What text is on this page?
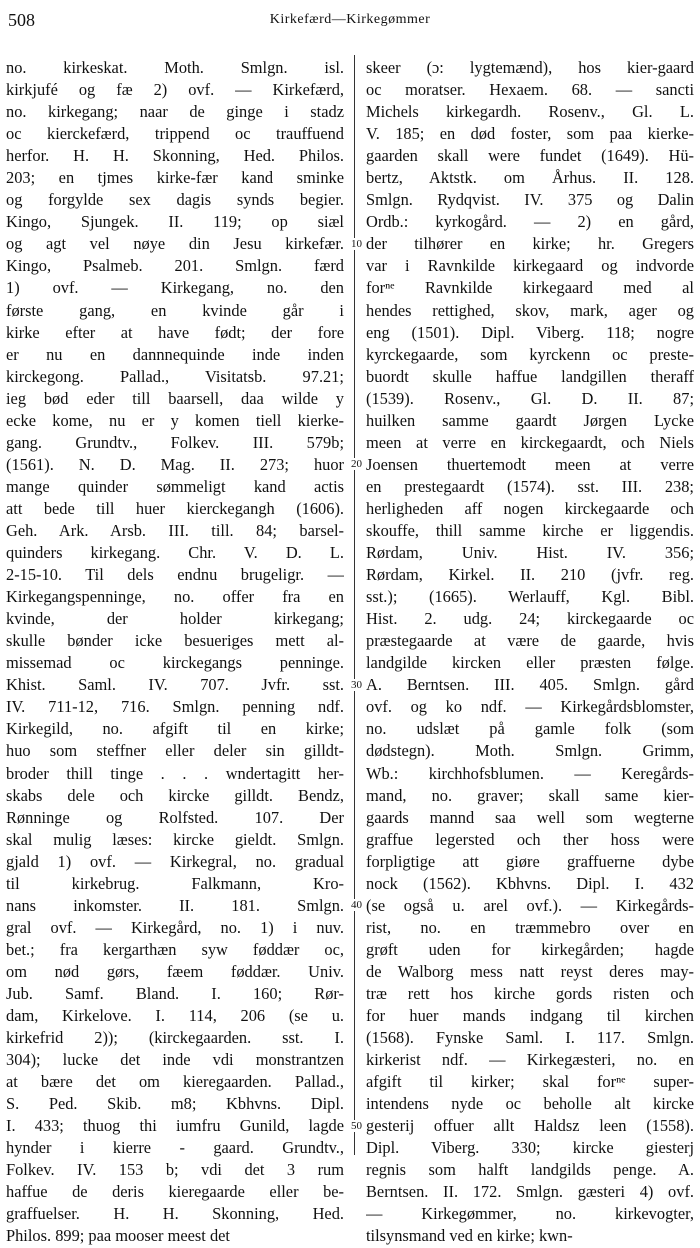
508	Kirkefærd—Kirkegømmer
10
20
30
40
50
no. kirkeskat. Moth. Smlgn. isl.
kirkjufé og fæ 2) ovf. — Kirkefærd,
no. kirkegang; naar de ginge i stadz
oc kierckefærd, trippend oc trauffuend
herfor. H. H. Skonning, Hed. Philos.
203; en tjmes kirke-fær kand sminke
og forgylde sex dagis synds begier.
Kingo, Sjungek. II. 119; op siæl
og agt vel nøye din Jesu kirkefær.
Kingo, Psalmeb. 201. Smlgn. færd
1) ovf. — Kirkegang, no. den
første gang, en kvinde går i
kirke efter at have født; der fore
er nu en dannnequinde inde inden
kirckegong. Pallad., Visitatsb. 97.21;
ieg bød eder till baarsell, daa wilde y
ecke kome, nu er y komen tiell kierke-
gang. Grundtv., Folkev. III. 579b;
(1561). N. D. Mag. II. 273; huor
mange quinder sømmeligt kand actis
att bede till huer kierckegangh (1606).
Geh. Ark. Arsb. III. till. 84; barsel-
quinders kirkegang. Chr. V. D. L.
2-15-10. Til dels endnu brugeligr. —
Kirkegangspenninge, no. offer fra en
kvinde, der holder kirkegang;
skulle bønder icke besueriges mett al-
missemad oc kirckegangs penninge.
Khist. Saml. IV. 707. Jvfr. sst.
IV. 711-12, 716. Smlgn. penning ndf.
Kirkegild, no. afgift til en kirke;
huo som steffner eller deler sin gilldt-
broder thill tinge . . . wndertagitt her-
skabs dele och kircke gilldt. Bendz,
Rønninge og Rolfsted. 107. Der
skal mulig læses: kircke gieldt. Smlgn.
gjald 1) ovf. — Kirkegral, no. gradual
til kirkebrug. Falkmann, Kro-
nans inkomster. II. 181. Smlgn.
gral ovf. — Kirkegård, no. 1) i nuv.
bet.; fra kergarthæn syw føddær oc,
om nød gørs, fæem føddær. Univ.
Jub. Samf. Bland. I. 160; Rør-
dam, Kirkelove. I. 114, 206 (se u.
kirkefrid 2)); (kirckegaarden. sst. I.
304); lucke det inde vdi monstrantzen
at bære det om kieregaarden. Pallad.,
S. Ped. Skib. m8; Kbhvns. Dipl.
I. 433; thuog thi iumfru Gunild, lagde
hynder i kierre - gaard. Grundtv.,
Folkev. IV. 153 b; vdi det 3 rum
haffue de deris kieregaarde eller be-
graffuelser. H. H. Skonning, Hed.
Philos. 899; paa mooser meest det
skeer (ɔ: lygtemænd), hos kier-gaard
oc moratser. Hexaem. 68. — sancti
Michels kirkegardh. Rosenv., Gl. L.
V. 185; en død foster, som paa kierke-
gaarden skall were fundet (1649). Hü-
bertz, Aktstk. om Århus. II. 128.
Smlgn. Rydqvist. IV. 375 og Dalin
Ordb.: kyrkogård. — 2) en gård,
der tilhører en kirke; hr. Gregers
var i Ravnkilde kirkegaard og indvorde
forⁿᵉ Ravnkilde kirkegaard med al
hendes rettighed, skov, mark, ager og
eng (1501). Dipl. Viberg. 118; nogre
kyrckegaarde, som kyrckenn oc preste-
buordt skulle haffue landgillen theraff
(1539). Rosenv., Gl. D. II. 87;
huilken samme gaardt Jørgen Lycke
meen at verre en kirckegaardt, och Niels
Joensen thuertemodt meen at verre
en prestegaardt (1574). sst. III. 238;
herligheden aff nogen kirckegaarde och
skouffe, thill samme kirche er liggendis.
Rørdam, Univ. Hist. IV. 356;
Rørdam, Kirkel. II. 210 (jvfr. reg.
sst.); (1665). Werlauff, Kgl. Bibl.
Hist. 2. udg. 24; kirckegaarde oc
præstegaarde at være de gaarde, hvis
landgilde kircken eller præsten følge.
A. Berntsen. III. 405. Smlgn. gård
ovf. og ko ndf. — Kirkegårdsblomster,
no. udslæt på gamle folk (som
dødstegn). Moth. Smlgn. Grimm,
Wb.: kirchhofsblumen. — Keregårds-
mand, no. graver; skall same kier-
gaards mannd saa well som wegterne
graffue legersted och ther hoss were
forpligtige att giøre graffuerne dybe
nock (1562). Kbhvns. Dipl. I. 432
(se også u. arel ovf.). — Kirkegårds-
rist, no. en træmmebro over en
grøft uden for kirkegården; hagde
de Walborg mess natt reyst deres may-
træ rett hos kirche gords risten och
for huer mands indgang til kirchen
(1568). Fynske Saml. I. 117. Smlgn.
kirkerist ndf. — Kirkegæsteri, no. en
afgift til kirker; skal forⁿᵉ super-
intendens nyde oc beholle alt kircke
gesterij offuer allt Haldsz leen (1558).
Dipl. Viberg. 330; kircke giesterj
regnis som halft landgilds penge. A.
Berntsen. II. 172. Smlgn. gæsteri 4) ovf.
— Kirkegømmer, no. kirkevogter,
tilsynsmand ved en kirke; kwn-
